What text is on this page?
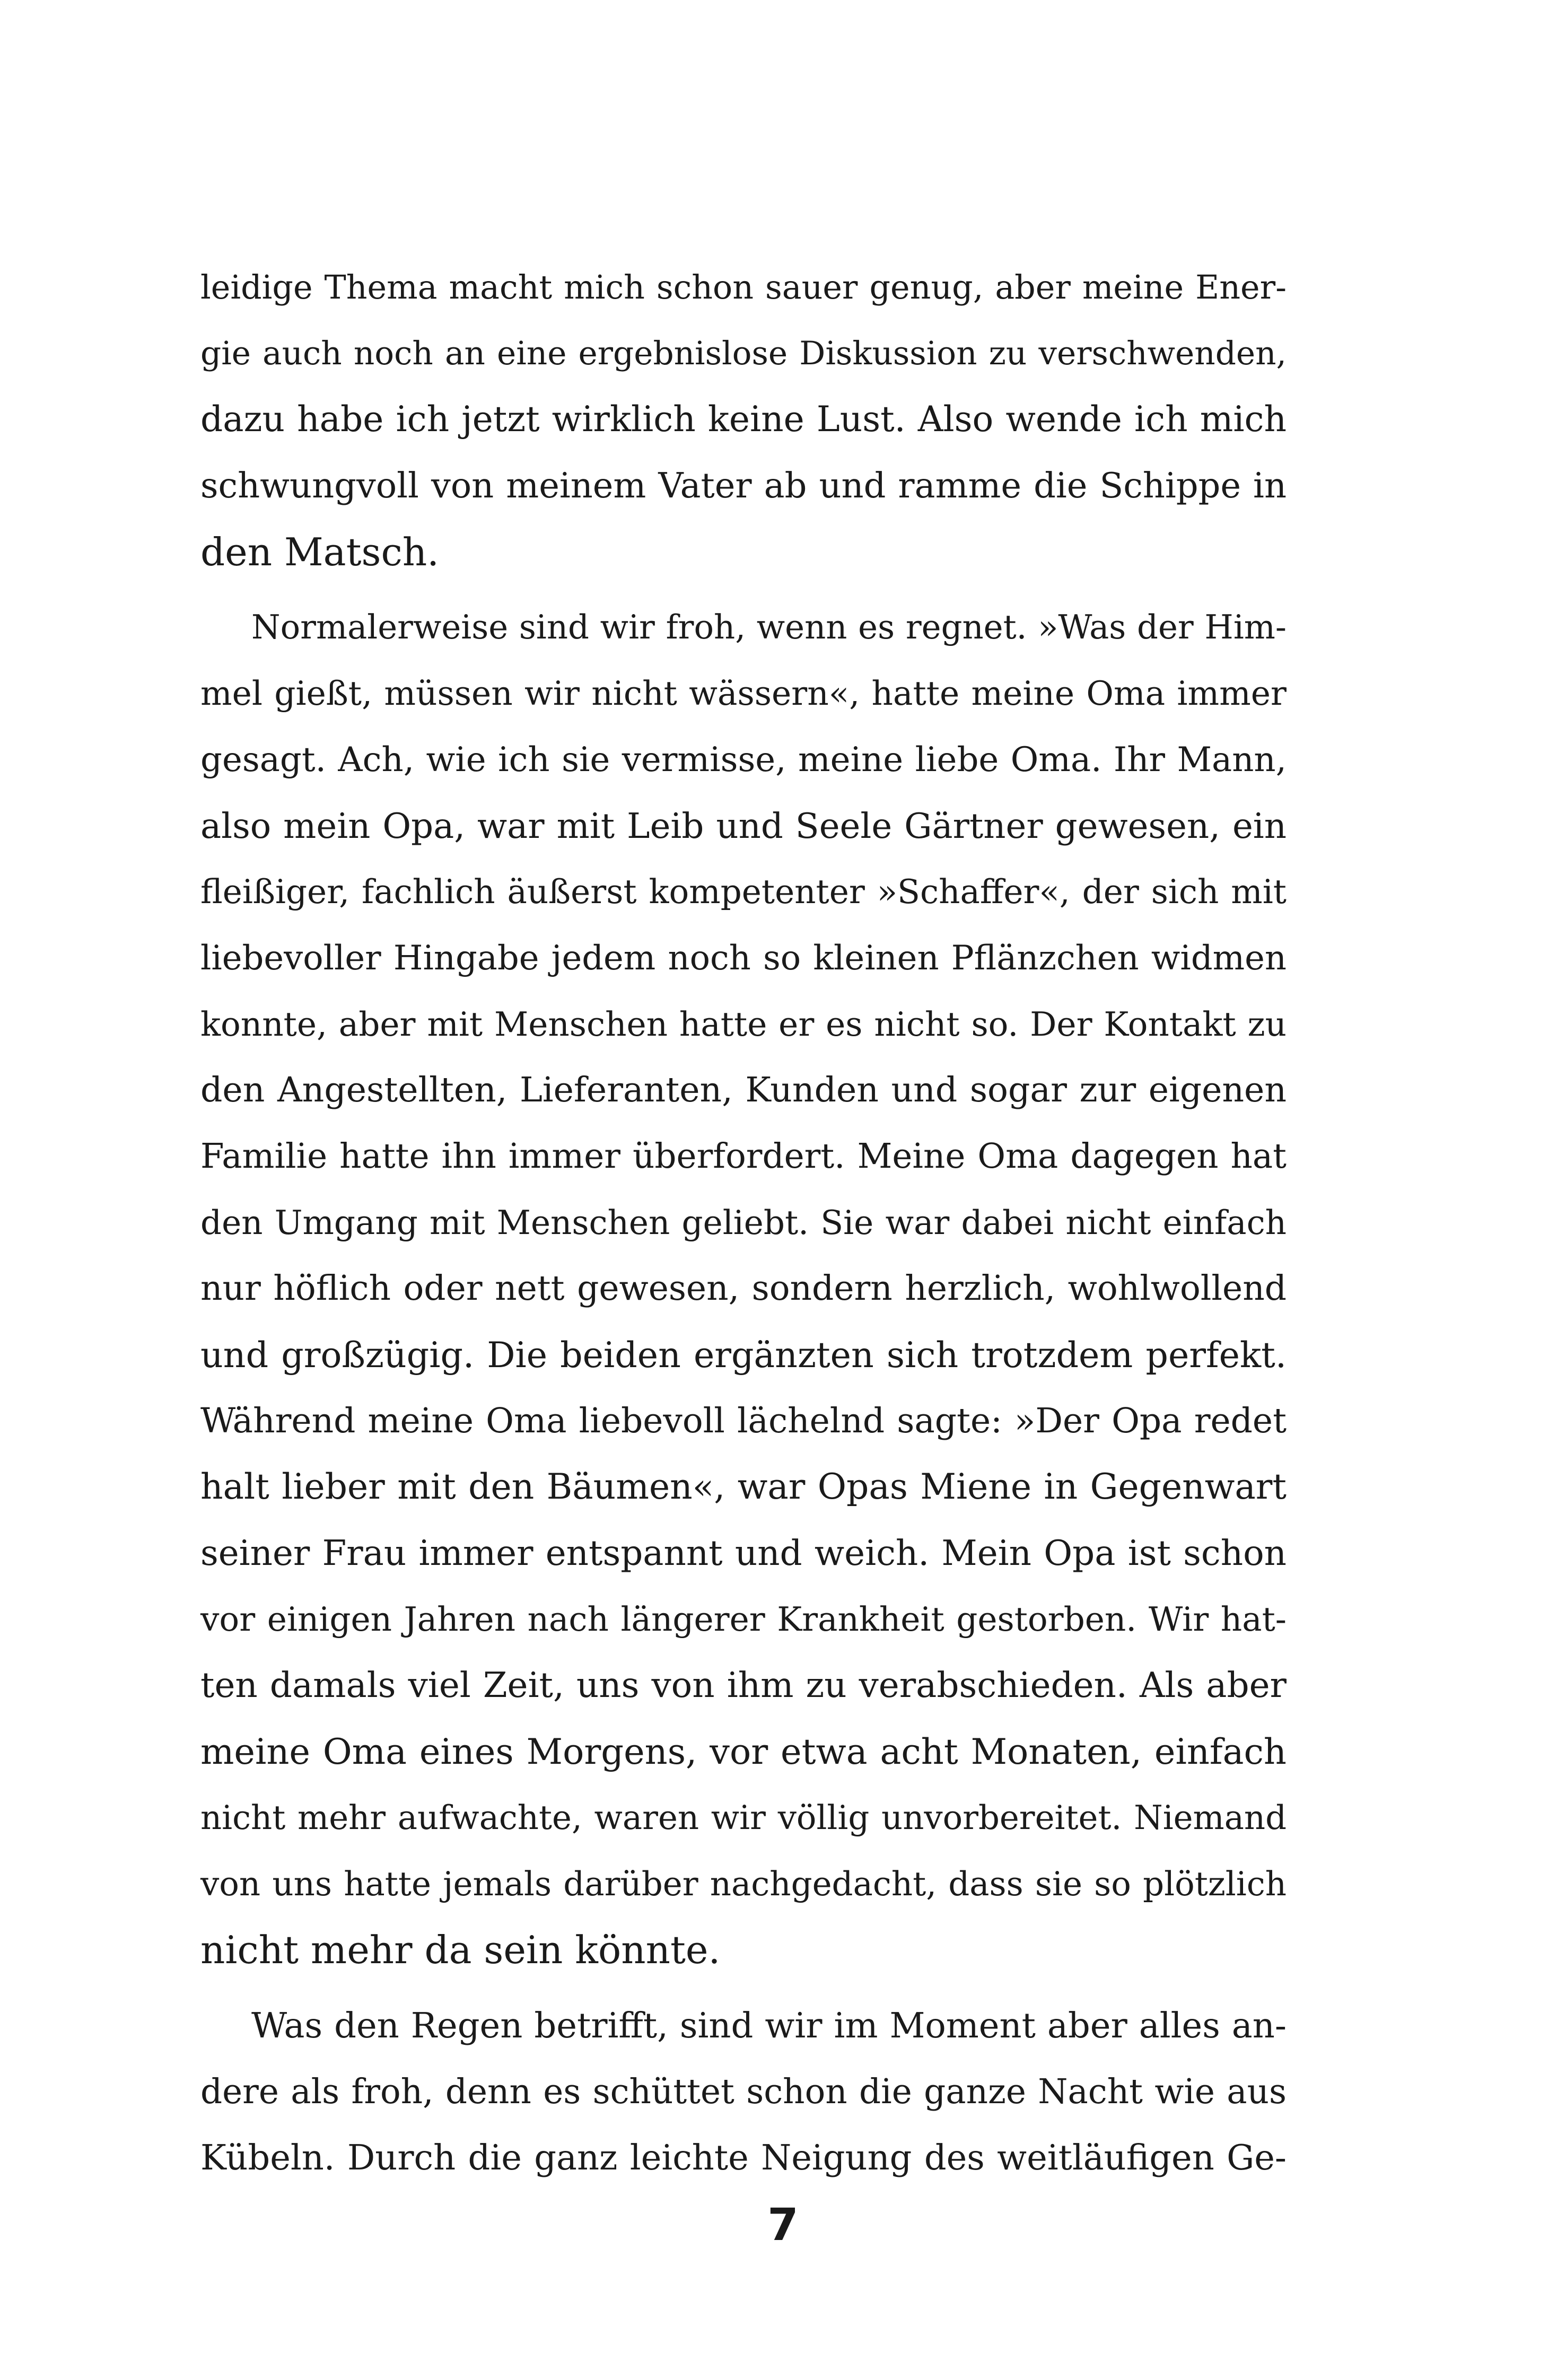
leidige Thema macht mich schon sauer genug, aber meine Ener-
gie auch noch an eine ergebnislose Diskussion zu verschwenden,
dazu habe ich jetzt wirklich keine Lust. Also wende ich mich
schwungvoll von meinem Vater ab und ramme die Schippe in
den Matsch.
Normalerweise sind wir froh, wenn es regnet. »Was der Him-
mel gießt, müssen wir nicht wässern«, hatte meine Oma immer
gesagt. Ach, wie ich sie vermisse, meine liebe Oma. Ihr Mann,
also mein Opa, war mit Leib und Seele Gärtner gewesen, ein
fleißiger, fachlich äußerst kompetenter »Schaffer«, der sich mit
liebevoller Hingabe jedem noch so kleinen Pflänzchen widmen
konnte, aber mit Menschen hatte er es nicht so. Der Kontakt zu
den Angestellten, Lieferanten, Kunden und sogar zur eigenen
Familie hatte ihn immer überfordert. Meine Oma dagegen hat
den Umgang mit Menschen geliebt. Sie war dabei nicht einfach
nur höflich oder nett gewesen, sondern herzlich, wohlwollend
und großzügig. Die beiden ergänzten sich trotzdem perfekt.
Während meine Oma liebevoll lächelnd sagte: »Der Opa redet
halt lieber mit den Bäumen«, war Opas Miene in Gegenwart
seiner Frau immer entspannt und weich. Mein Opa ist schon
vor einigen Jahren nach längerer Krankheit gestorben. Wir hat-
ten damals viel Zeit, uns von ihm zu verabschieden. Als aber
meine Oma eines Morgens, vor etwa acht Monaten, einfach
nicht mehr aufwachte, waren wir völlig unvorbereitet. Niemand
von uns hatte jemals darüber nachgedacht, dass sie so plötzlich
nicht mehr da sein könnte.
Was den Regen betrifft, sind wir im Moment aber alles an-
dere als froh, denn es schüttet schon die ganze Nacht wie aus
Kübeln. Durch die ganz leichte Neigung des weitläufigen Ge-
7
